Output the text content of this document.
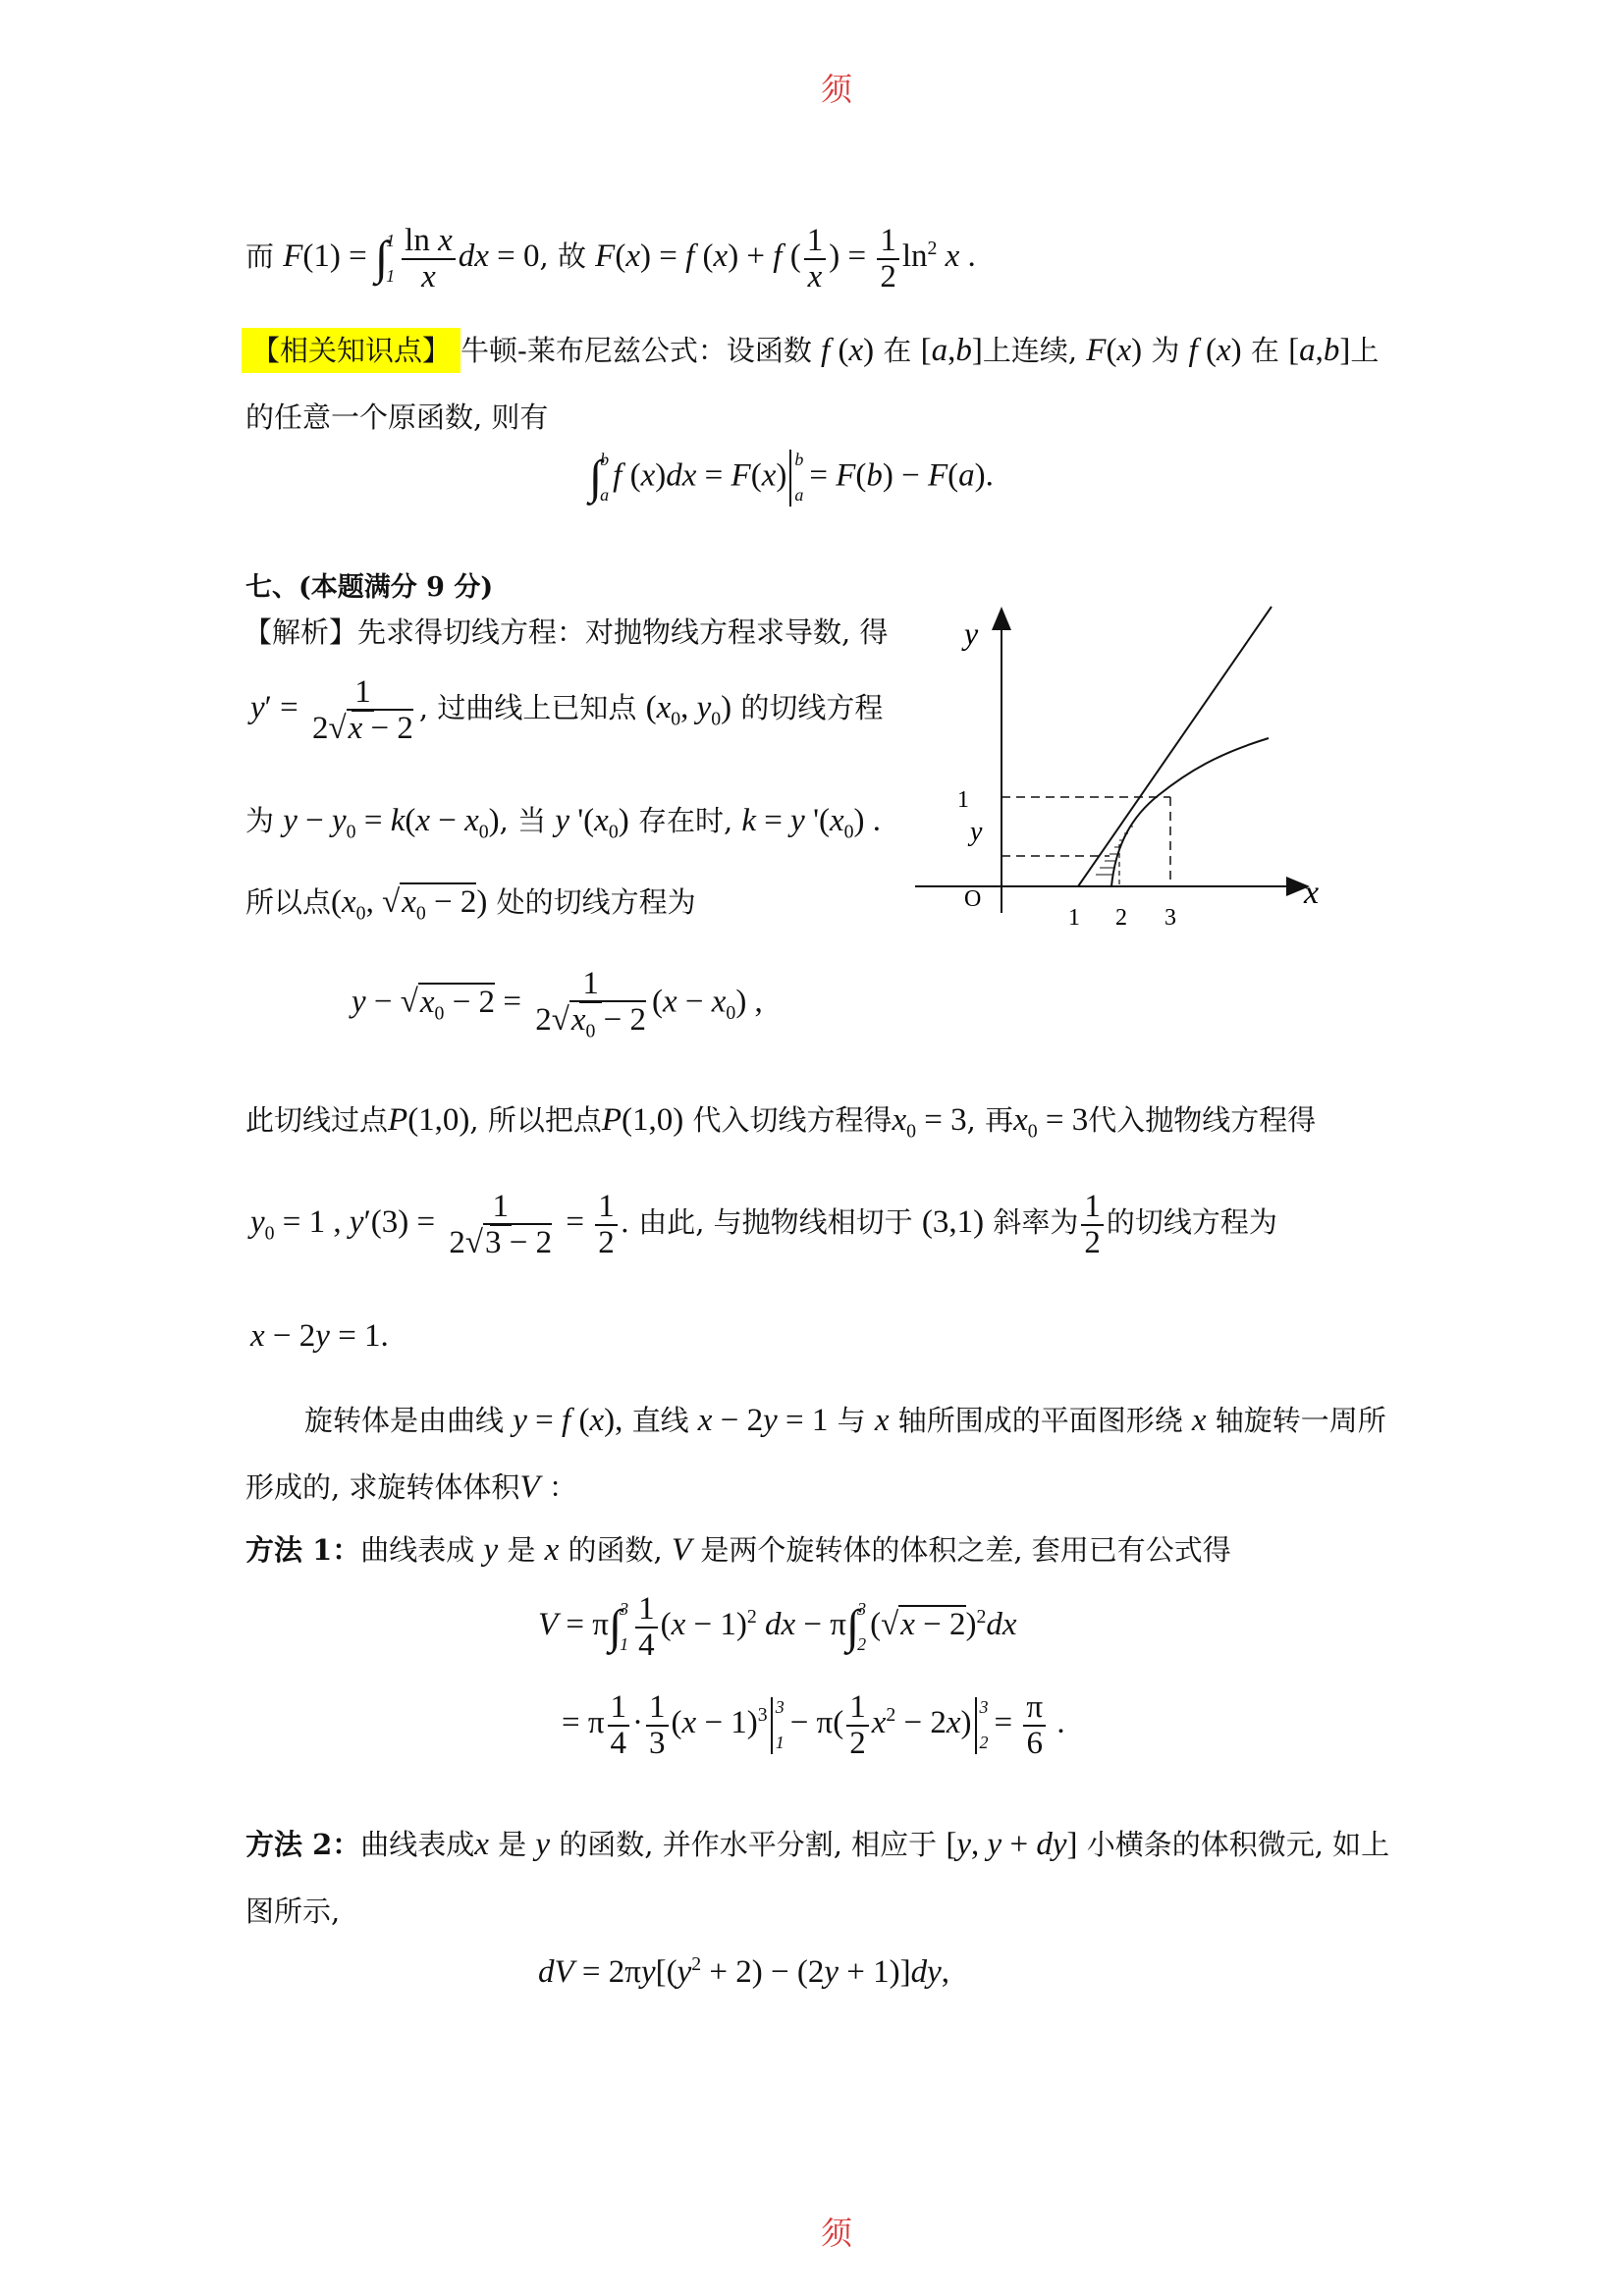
须
须
而 F(1) = ∫
1
$1 \frac{\text{ln x}}{x}$ dx = 0, 故 F(x) = f (x) + f ( $\frac{1}{x}$ ) = $\frac{1}{2} \ln^2 x$ .
【相关知识点】 牛顿-莱布尼兹公式：设函数 f (x) 在 [a,b]上连续, F(x) 为 f (x) 在 [a,b]上
的任意一个原函数, 则有
∫
b
a
f (x)dx = F(x) b
a
= F(b) − F(a).
七、(本题满分 9 分)
【解析】先求得切线方程：对抛物线方程求导数, 得
$y' = \frac{1}{2√x - 2}$ , 过曲线上已知点 ($x_0$, $y_0$) 的切线方程
为 $y - y_0 = k(x - x_0)$, 当 y '$(x_0)$ 存在时, k = y '$(x_0)$ .
所以点($x_0$, $√x_0 - 2$) 处的切线方程为
$y - √x_0 - 2 = \frac{1}{2√x_0 - 2} (x - x_0)$ ,
y
x
O
1
y
1 2 3
此切线过点P(1,0), 所以把点P(1,0) 代入切线方程得$x_0 = 3$, 再$x_0 = 3$代入抛物线方程得
$y_0 = 1$ , $y'(3) = \frac{1}{2√3 - 2} = \frac{1}{2}$ . 由此, 与抛物线相切于 (3,1) 斜率为 $\frac{1}{2}$ 的切线方程为
x − 2y = 1.
旋转体是由曲线 y = f (x), 直线 x − 2y = 1 与 x 轴所围成的平面图形绕 x 轴旋转一周所
形成的, 求旋转体体积V ：
方法 1：曲线表成 y 是 x 的函数, V 是两个旋转体的体积之差, 套用已有公式得
V = π∫
3
$1 \frac{1}{4} (x - 1)^2$ dx − π∫
3
2
$(√x - 2)^2dx$
= π $\frac{1}{4} \cdot \frac{1}{3} (x - 1)^3$ 3
1
− $\pi( \frac{1}{2} x^2 - 2x)$ 3
2
= $\frac{\pi}{6}$ .
方法 2：曲线表成x 是 y 的函数, 并作水平分割, 相应于 [y, y + dy] 小横条的体积微元, 如上
图所示,
dV = $2\pi y[(y^2 + 2) - (2y + 1)]dy$,
